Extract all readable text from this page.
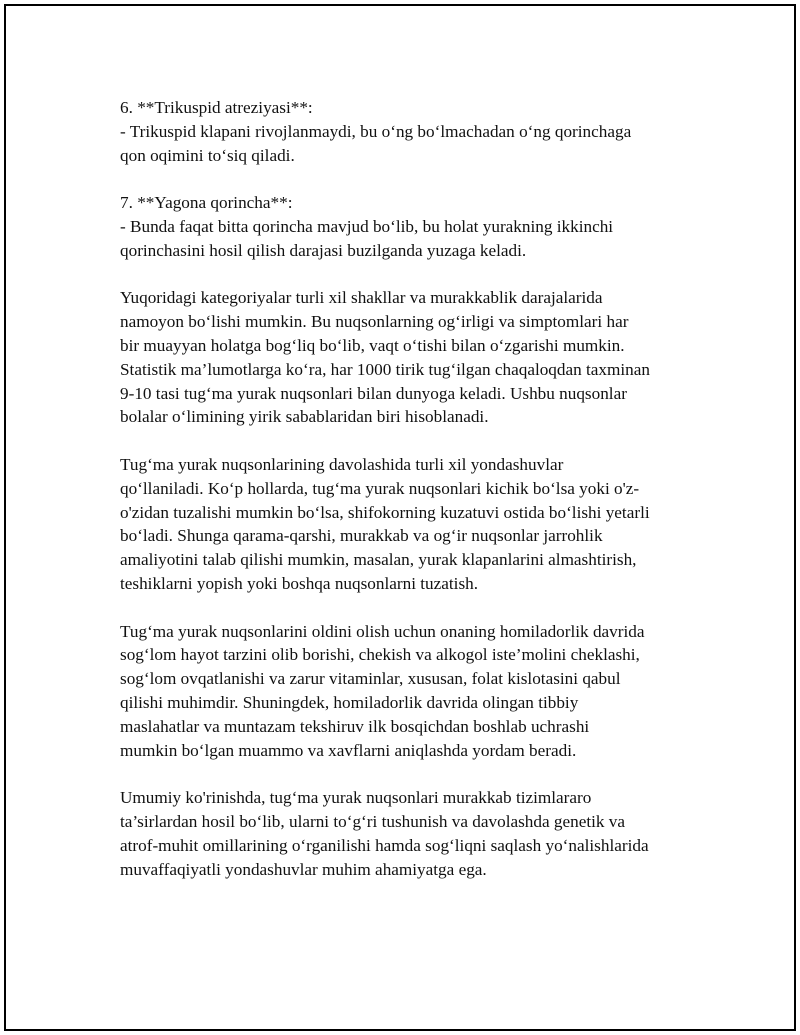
6. **Trikuspid atreziyasi**:
- Trikuspid klapani rivojlanmaydi, bu o‘ng bo‘lmachadan o‘ng qorinchaga
qon oqimini to‘siq qiladi.
7. **Yagona qorincha**:
- Bunda faqat bitta qorincha mavjud bo‘lib, bu holat yurakning ikkinchi
qorinchasini hosil qilish darajasi buzilganda yuzaga keladi.

Yuqoridagi kategoriyalar turli xil shakllar va murakkablik darajalarida
namoyon bo‘lishi mumkin. Bu nuqsonlarning og‘irligi va simptomlari har
bir muayyan holatga bog‘liq bo‘lib, vaqt o‘tishi bilan o‘zgarishi mumkin.
Statistik ma’lumotlarga ko‘ra, har 1000 tirik tug‘ilgan chaqaloqdan taxminan
9-10 tasi tug‘ma yurak nuqsonlari bilan dunyoga keladi. Ushbu nuqsonlar
bolalar o‘limining yirik sabablaridan biri hisoblanadi.

Tug‘ma yurak nuqsonlarining davolashida turli xil yondashuvlar
qo‘llaniladi. Ko‘p hollarda, tug‘ma yurak nuqsonlari kichik bo‘lsa yoki o'z-
o'zidan tuzalishi mumkin bo‘lsa, shifokorning kuzatuvi ostida bo‘lishi yetarli
bo‘ladi. Shunga qarama-qarshi, murakkab va og‘ir nuqsonlar jarrohlik
amaliyotini talab qilishi mumkin, masalan, yurak klapanlarini almashtirish,
teshiklarni yopish yoki boshqa nuqsonlarni tuzatish.

Tug‘ma yurak nuqsonlarini oldini olish uchun onaning homiladorlik davrida
sog‘lom hayot tarzini olib borishi, chekish va alkogol iste’molini cheklashi,
sog‘lom ovqatlanishi va zarur vitaminlar, xususan, folat kislotasini qabul
qilishi muhimdir. Shuningdek, homiladorlik davrida olingan tibbiy
maslahatlar va muntazam tekshiruv ilk bosqichdan boshlab uchrashi
mumkin bo‘lgan muammo va xavflarni aniqlashda yordam beradi.

Umumiy ko'rinishda, tug‘ma yurak nuqsonlari murakkab tizimlararo
ta’sirlardan hosil bo‘lib, ularni to‘g‘ri tushunish va davolashda genetik va
atrof-muhit omillarining o‘rganilishi hamda sog‘liqni saqlash yo‘nalishlarida
muvaffaqiyatli yondashuvlar muhim ahamiyatga ega.
